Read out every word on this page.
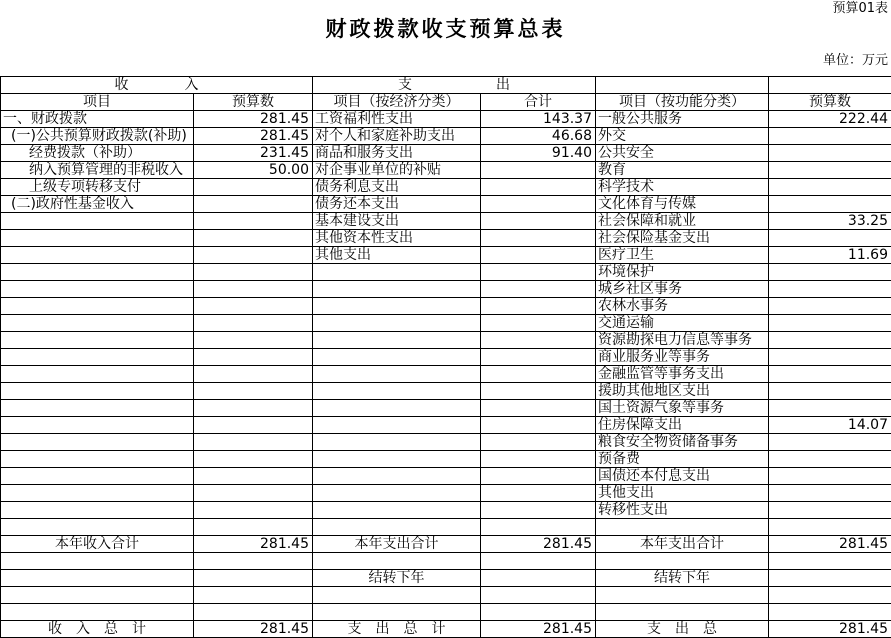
预算01表
财政拨款收支预算总表
单位：万元
收　　　　入		支　　　　　　出			
项目	预算数	项目（按经济分类）	合计	项目（按功能分类）	预算数
一、财政拨款	281.45	工资福利性支出	143.37	一般公共服务	222.44
(一)公共预算财政拨款(补助)	281.45	对个人和家庭补助支出	46.68	外交	
经费拨款（补助）	231.45	商品和服务支出	91.40	公共安全	
纳入预算管理的非税收入	50.00	对企事业单位的补贴		教育	
上级专项转移支付		债务利息支出		科学技术	
(二)政府性基金收入		债务还本支出		文化体育与传媒	
		基本建设支出		社会保障和就业	33.25
		其他资本性支出		社会保险基金支出	
		其他支出		医疗卫生	11.69
				环境保护	
				城乡社区事务	
				农林水事务	
				交通运输	
				资源勘探电力信息等事务	
				商业服务业等事务	
				金融监管等事务支出	
				援助其他地区支出	
				国土资源气象等事务	
				住房保障支出	14.07
				粮食安全物资储备事务	
				预备费	
				国债还本付息支出	
				其他支出	
				转移性支出	

本年收入合计	281.45	本年支出合计	281.45	本年支出合计	281.45

		结转下年		结转下年	

收　入　总　计	281.45	支　出　总　计	281.45	支　出　总	281.45
